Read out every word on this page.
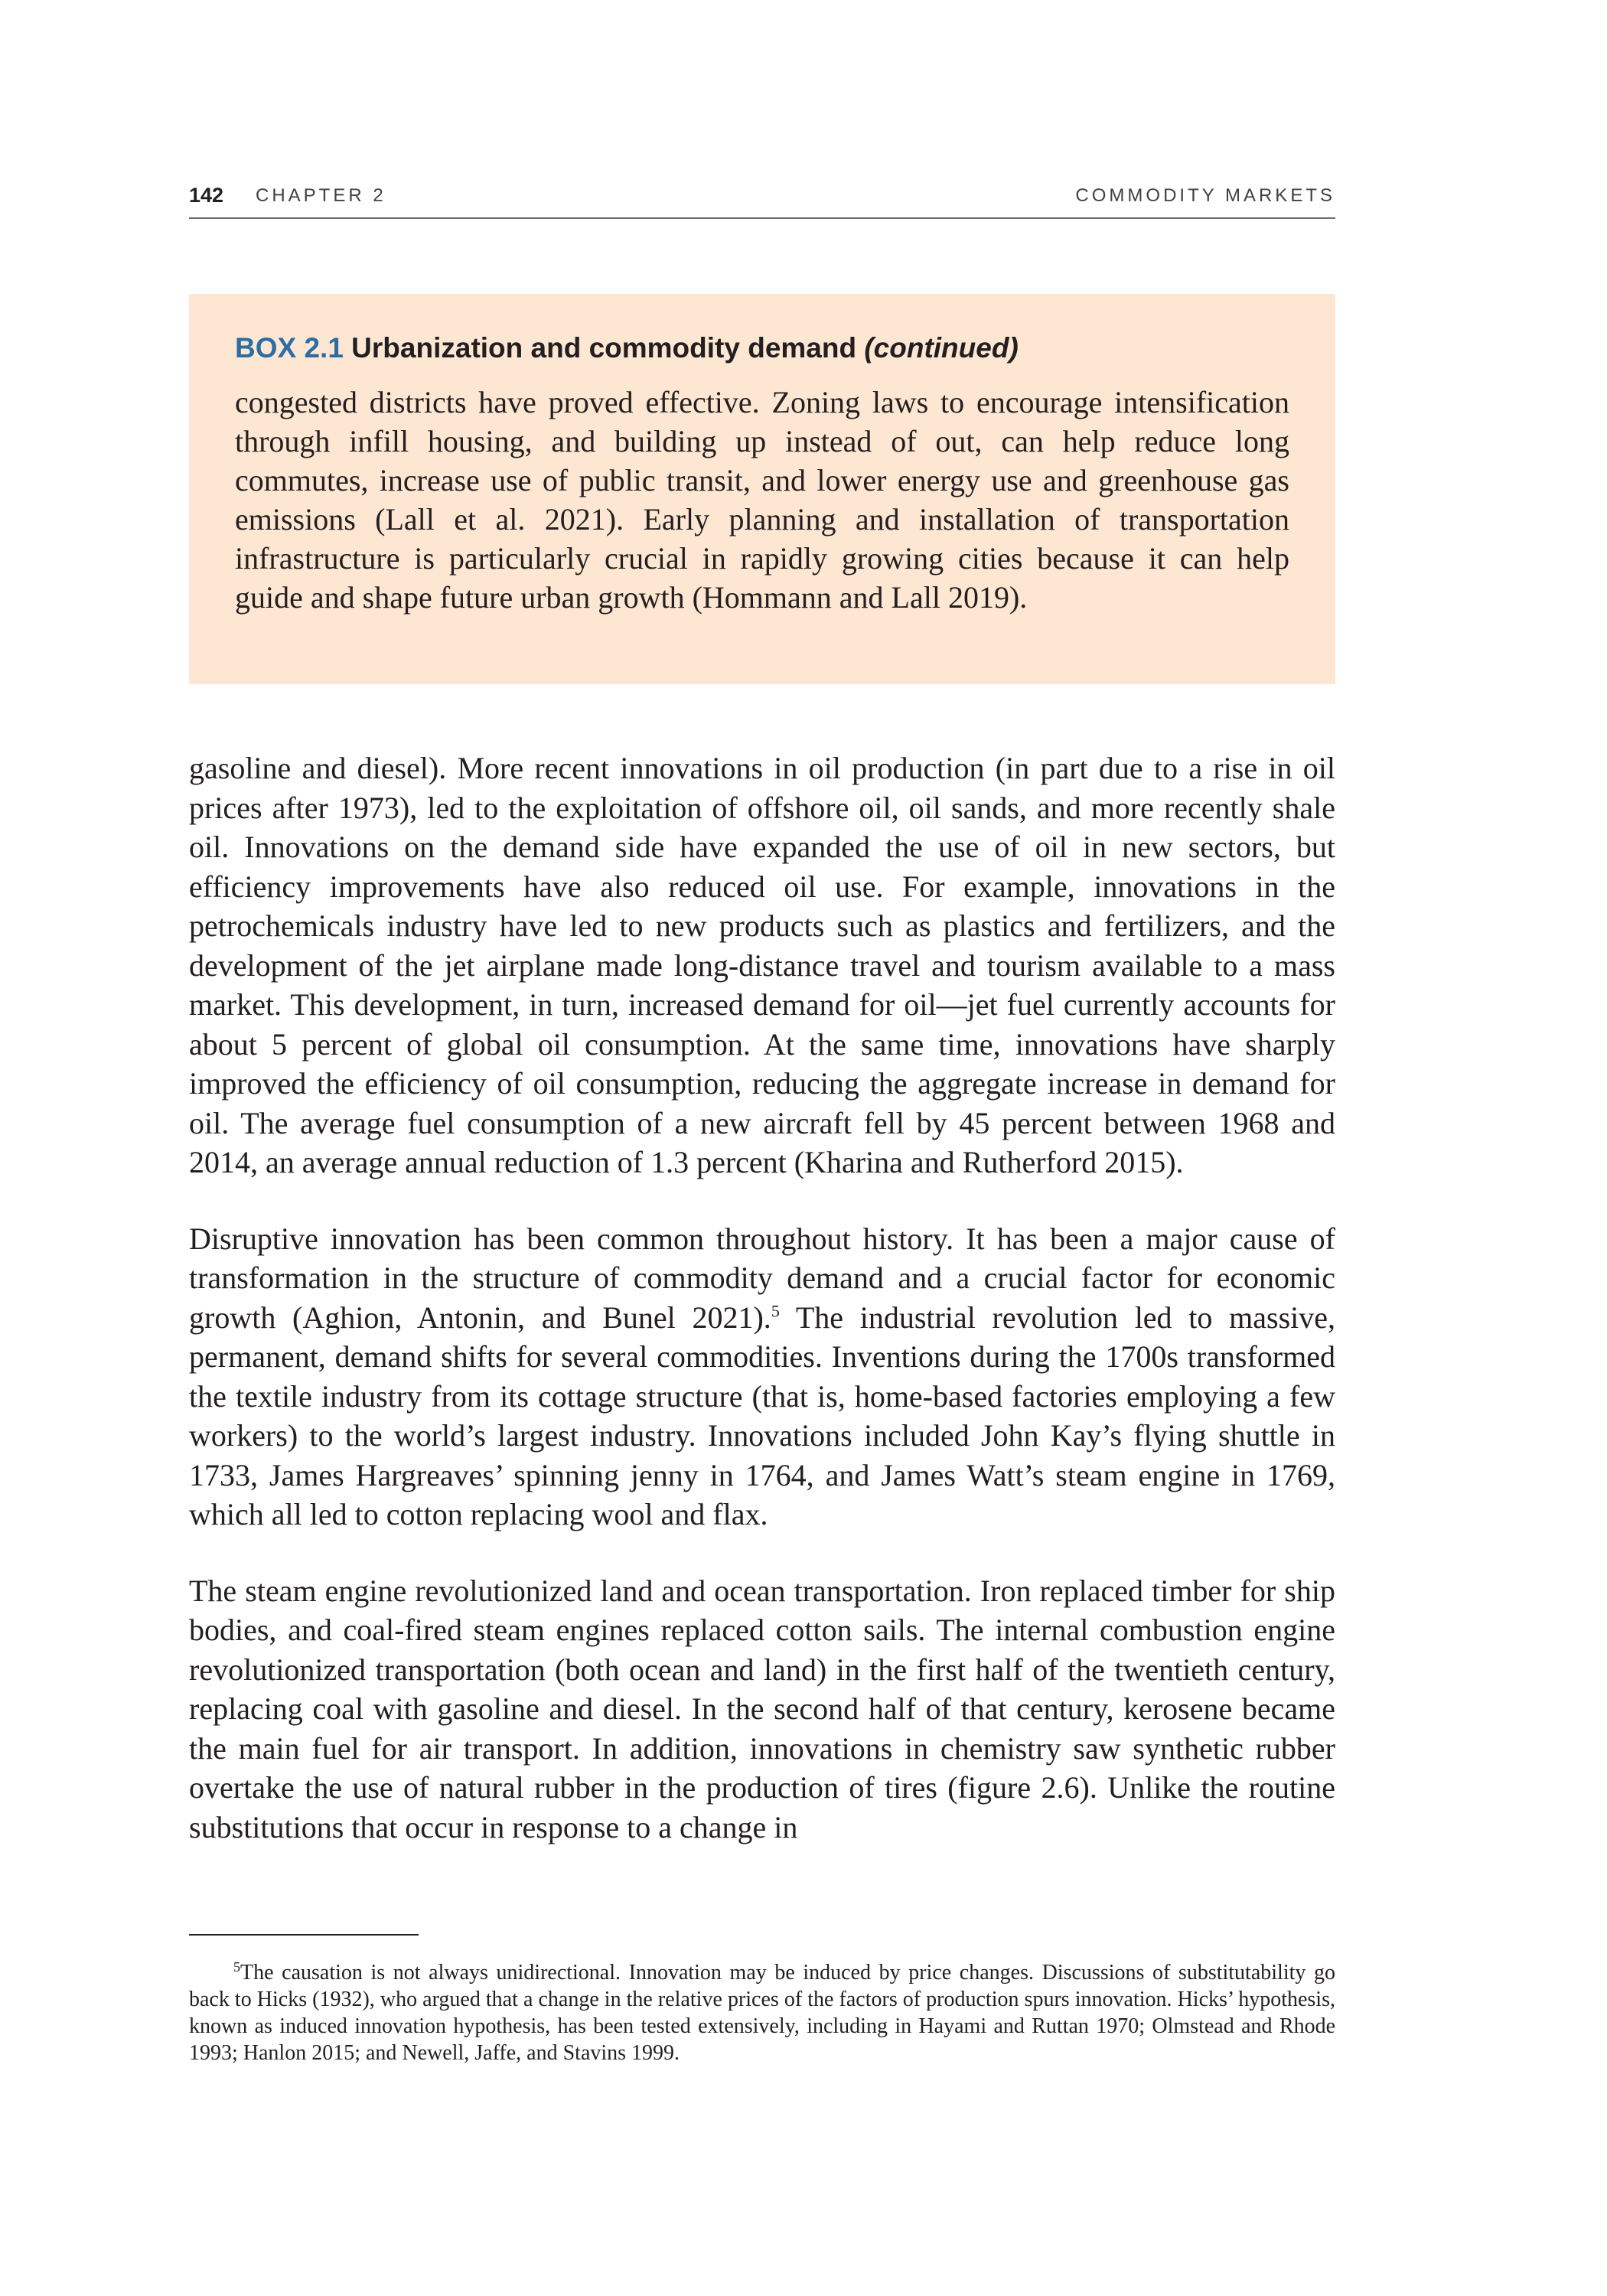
142 CHAPTER 2	COMMODITY MARKETS
BOX 2.1 Urbanization and commodity demand (continued)

congested districts have proved effective. Zoning laws to encourage intensification through infill housing, and building up instead of out, can help reduce long commutes, increase use of public transit, and lower energy use and greenhouse gas emissions (Lall et al. 2021). Early planning and installation of transportation infrastructure is particularly crucial in rapidly growing cities because it can help guide and shape future urban growth (Hommann and Lall 2019).

gasoline and diesel). More recent innovations in oil production (in part due to a rise in oil prices after 1973), led to the exploitation of offshore oil, oil sands, and more recently shale oil. Innovations on the demand side have expanded the use of oil in new sectors, but efficiency improvements have also reduced oil use. For example, innovations in the petrochemicals industry have led to new products such as plastics and fertilizers, and the development of the jet airplane made long-distance travel and tourism available to a mass market. This development, in turn, increased demand for oil—jet fuel currently accounts for about 5 percent of global oil consumption. At the same time, innovations have sharply improved the efficiency of oil consumption, reducing the aggregate increase in demand for oil. The average fuel consumption of a new aircraft fell by 45 percent between 1968 and 2014, an average annual reduction of 1.3 percent (Kharina and Rutherford 2015).

Disruptive innovation has been common throughout history. It has been a major cause of transformation in the structure of commodity demand and a crucial factor for economic growth (Aghion, Antonin, and Bunel 2021).$^5$ The industrial revolution led to massive, permanent, demand shifts for several commodities. Inventions during the 1700s transformed the textile industry from its cottage structure (that is, home-based factories employing a few workers) to the world’s largest industry. Innovations included John Kay’s flying shuttle in 1733, James Hargreaves’ spinning jenny in 1764, and James Watt’s steam engine in 1769, which all led to cotton replacing wool and flax.

The steam engine revolutionized land and ocean transportation. Iron replaced timber for ship bodies, and coal-fired steam engines replaced cotton sails. The internal combustion engine revolutionized transportation (both ocean and land) in the first half of the twentieth century, replacing coal with gasoline and diesel. In the second half of that century, kerosene became the main fuel for air transport. In addition, innovations in chemistry saw synthetic rubber overtake the use of natural rubber in the production of tires (figure 2.6). Unlike the routine substitutions that occur in response to a change in

$^5$The causation is not always unidirectional. Innovation may be induced by price changes. Discussions of substitutability go back to Hicks (1932), who argued that a change in the relative prices of the factors of production spurs innovation. Hicks’ hypothesis, known as induced innovation hypothesis, has been tested extensively, including in Hayami and Ruttan 1970; Olmstead and Rhode 1993; Hanlon 2015; and Newell, Jaffe, and Stavins 1999.
